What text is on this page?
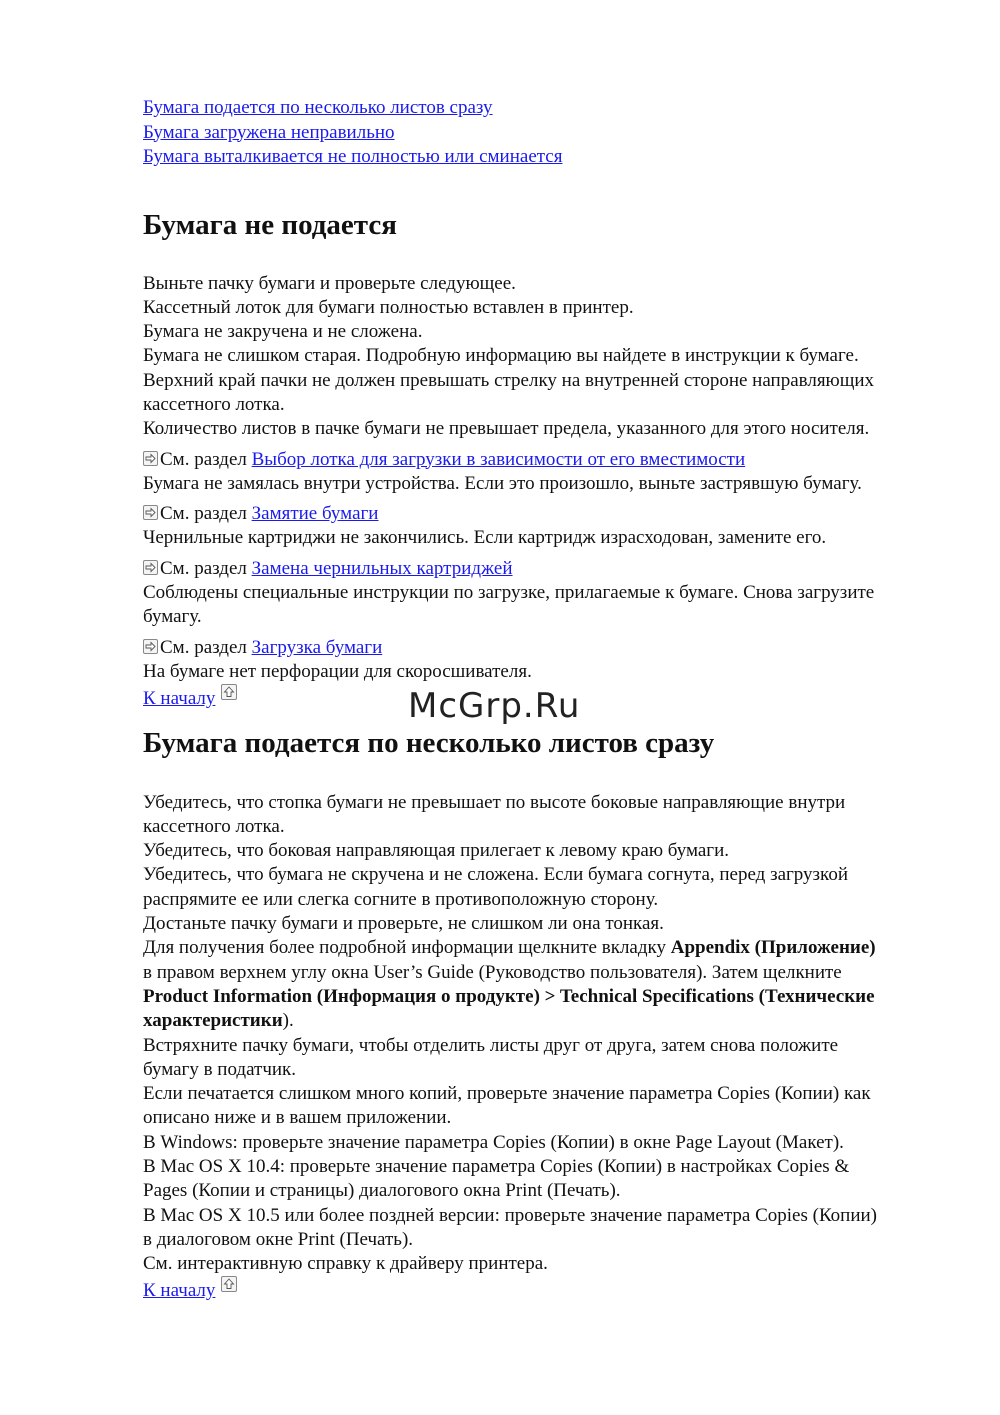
Бумага подается по несколько листов сразу
Бумага загружена неправильно
Бумага выталкивается не полностью или сминается
Бумага не подается
Выньте пачку бумаги и проверьте следующее.
Кассетный лоток для бумаги полностью вставлен в принтер.
Бумага не закручена и не сложена.
Бумага не слишком старая. Подробную информацию вы найдете в инструкции к бумаге.
Верхний край пачки не должен превышать стрелку на внутренней стороне направляющих
кассетного лотка.
Количество листов в пачке бумаги не превышает предела, указанного для этого носителя.
См. раздел Выбор лотка для загрузки в зависимости от его вместимости
Бумага не замялась внутри устройства. Если это произошло, выньте застрявшую бумагу.
См. раздел Замятие бумаги
Чернильные картриджи не закончились. Если картридж израсходован, замените его.
См. раздел Замена чернильных картриджей
Соблюдены специальные инструкции по загрузке, прилагаемые к бумаге. Снова загрузите
бумагу.
См. раздел Загрузка бумаги
На бумаге нет перфорации для скоросшивателя.
К началу
Бумага подается по несколько листов сразу
Убедитесь, что стопка бумаги не превышает по высоте боковые направляющие внутри
кассетного лотка.
Убедитесь, что боковая направляющая прилегает к левому краю бумаги.
Убедитесь, что бумага не скручена и не сложена. Если бумага согнута, перед загрузкой
распрямите ее или слегка согните в противоположную сторону.
Достаньте пачку бумаги и проверьте, не слишком ли она тонкая.
Для получения более подробной информации щелкните вкладку Appendix (Приложение)
в правом верхнем углу окна User’s Guide (Руководство пользователя). Затем щелкните
Product Information (Информация о продукте) > Technical Specifications (Технические
характеристики).
Встряхните пачку бумаги, чтобы отделить листы друг от друга, затем снова положите
бумагу в податчик.
Если печатается слишком много копий, проверьте значение параметра Copies (Копии) как
описано ниже и в вашем приложении.
В Windows: проверьте значение параметра Copies (Копии) в окне Page Layout (Макет).
В Mac OS X 10.4: проверьте значение параметра Copies (Копии) в настройках Copies &
Pages (Копии и страницы) диалогового окна Print (Печать).
В Mac OS X 10.5 или более поздней версии: проверьте значение параметра Copies (Копии)
в диалоговом окне Print (Печать).
См. интерактивную справку к драйверу принтера.
К началу
McGrp.Ru
